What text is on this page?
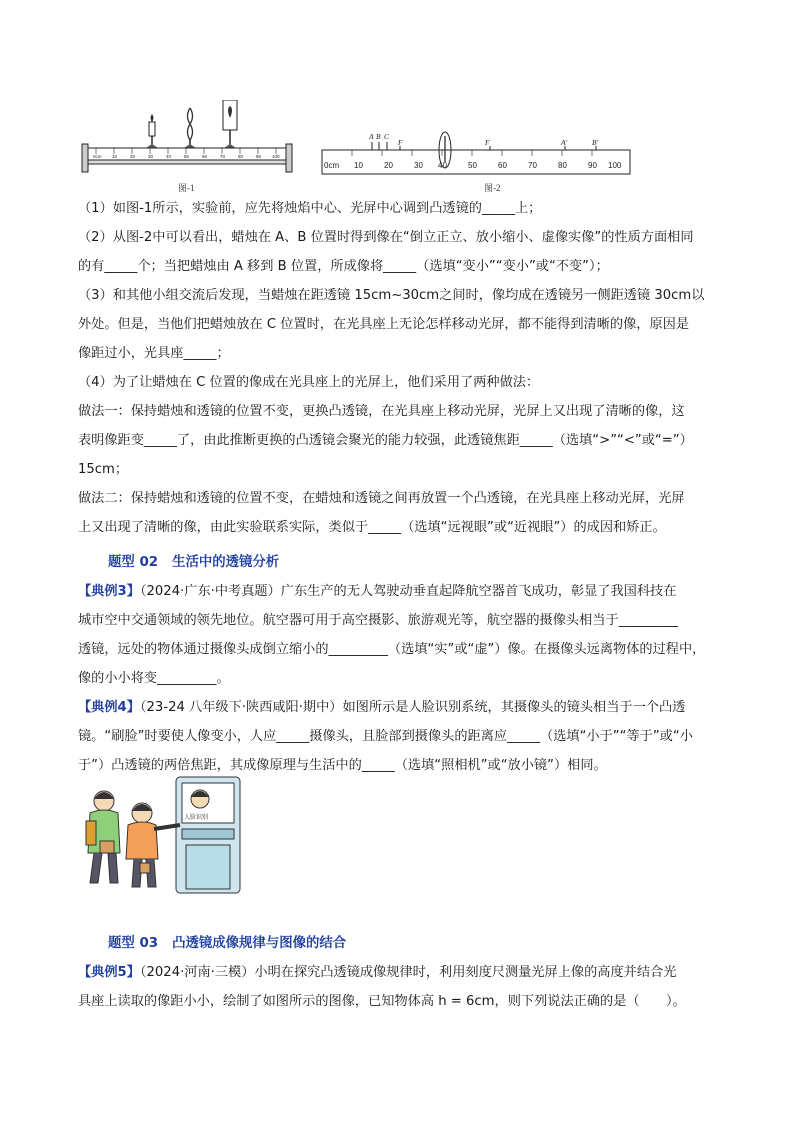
0cm 10	20	30	40	50	60	70	80	90 100
图-1
0cm 10	20	30 40	50	60	70	80	90 100
A B C
F	F	A'	B'
图-2
（1）如图-1所示，实验前，应先将烛焰中心、光屏中心调到凸透镜的_____上；
（2）从图-2中可以看出，蜡烛在 A、B 位置时得到像在“倒立正立、放小缩小、虚像实像”的性质方面相同
的有_____个；当把蜡烛由 A 移到 B 位置，所成像将_____（选填“变小”“变小”或“不变”）；
（3）和其他小组交流后发现，当蜡烛在距透镜 15cm~30cm之间时，像均成在透镜另一侧距透镜 30cm以
外处。但是，当他们把蜡烛放在 C 位置时，在光具座上无论怎样移动光屏，都不能得到清晰的像，原因是
像距过小，光具座_____；
（4）为了让蜡烛在 C 位置的像成在光具座上的光屏上，他们采用了两种做法：
做法一：保持蜡烛和透镜的位置不变，更换凸透镜，在光具座上移动光屏，光屏上又出现了清晰的像，这
表明像距变_____了，由此推断更换的凸透镜会聚光的能力较强，此透镜焦距_____（选填“>”“<”或“=”）
15cm；
做法二：保持蜡烛和透镜的位置不变，在蜡烛和透镜之间再放置一个凸透镜，在光具座上移动光屏，光屏
上又出现了清晰的像，由此实验联系实际，类似于_____（选填“远视眼”或“近视眼”）的成因和矫正。
题型 02 生活中的透镜分析
【典例3】（2024·广东·中考真题）广东生产的无人驾驶动垂直起降航空器首飞成功，彰显了我国科技在
城市空中交通领域的领先地位。航空器可用于高空摄影、旅游观光等，航空器的摄像头相当于_________
透镜，远处的物体通过摄像头成倒立缩小的_________（选填“实”或“虚”）像。在摄像头远离物体的过程中，
像的小小将变_________。
【典例4】（23-24 八年级下·陕西咸阳·期中）如图所示是人脸识别系统，其摄像头的镜头相当于一个凸透
镜。“刷脸”时要使人像变小，人应_____摄像头，且脸部到摄像头的距离应_____（选填“小于”“等于”或“小
于”）凸透镜的两倍焦距，其成像原理与生活中的_____（选填“照相机”或“放小镜”）相同。
人脸识别
题型 03 凸透镜成像规律与图像的结合
【典例5】（2024·河南·三模）小明在探究凸透镜成像规律时，利用刻度尺测量光屏上像的高度并结合光
具座上读取的像距小小，绘制了如图所示的图像，已知物体高 h = 6cm，则下列说法正确的是（　　）。
